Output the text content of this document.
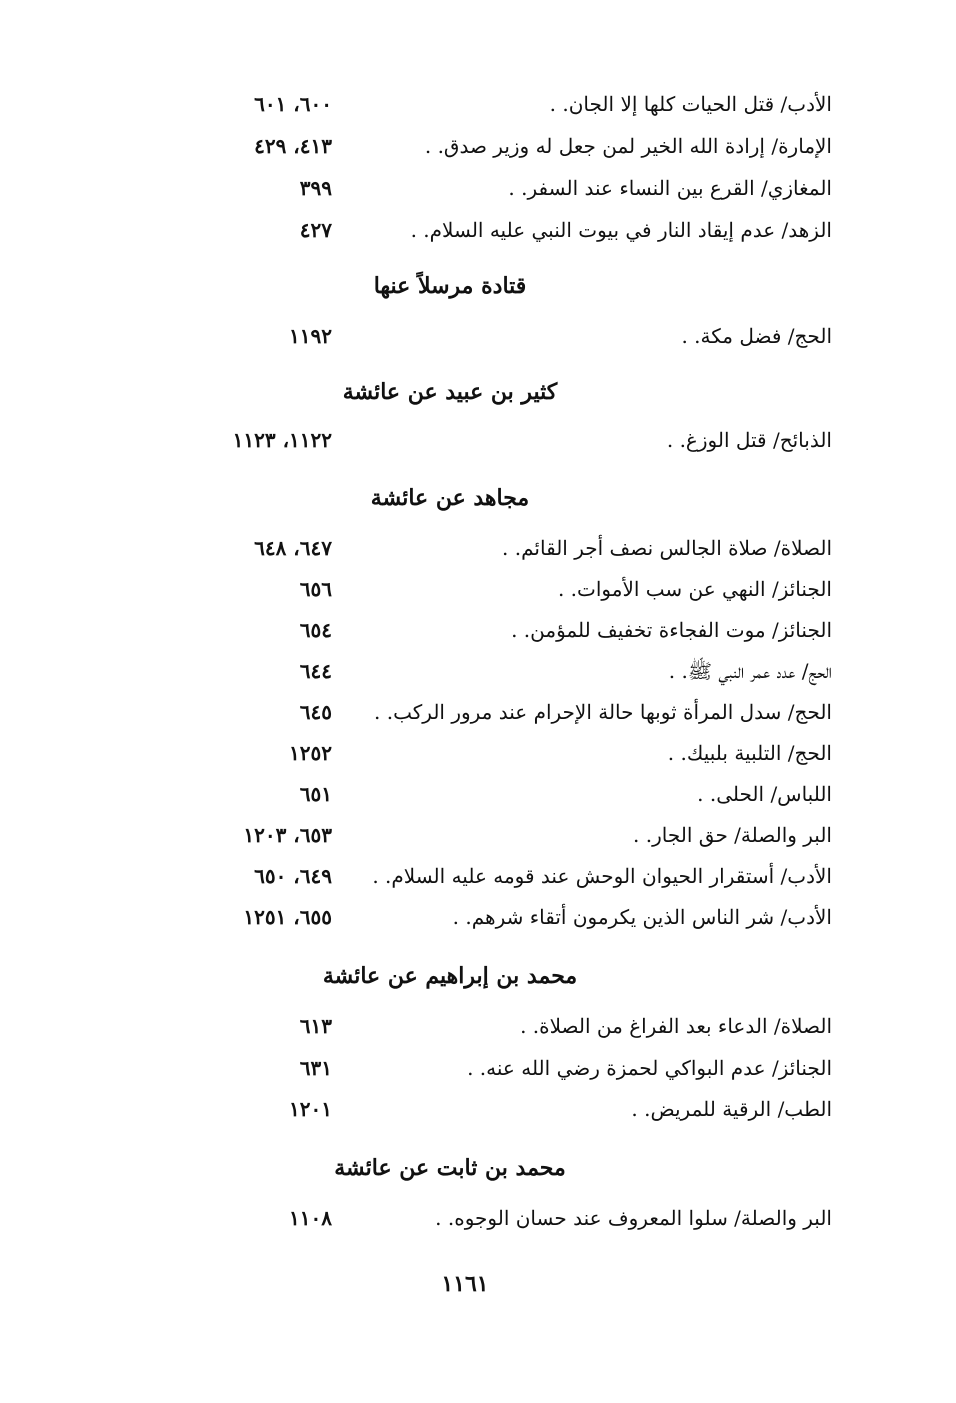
الأدب/ قتل الحيات كلها إلا الجان. .
٦٠٠، ٦٠١
الإمارة/ إرادة الله الخير لمن جعل له وزير صدق. .
٤١٣، ٤٢٩
المغازي/ القرع بين النساء عند السفر. .
٣٩٩
الزهد/ عدم إيقاد النار في بيوت النبي عليه السلام. .
٤٢٧
قتادة مرسلاً عنها
الحج/ فضل مكة. .
١١٩٢
كثير بن عبيد عن عائشة
الذبائح/ قتل الوزغ. .
١١٢٢، ١١٢٣
مجاهد عن عائشة
الصلاة/ صلاة الجالس نصف أجر القائم. .
٦٤٧، ٦٤٨
الجنائز/ النهي عن سب الأموات. .
٦٥٦
الجنائز/ موت الفجاءة تخفيف للمؤمن. .
٦٥٤
الحج/ عدد عمر النبي ﷺ. .
٦٤٤
الحج/ سدل المرأة ثوبها حالة الإحرام عند مرور الركب. .
٦٤٥
الحج/ التلبية بلبيك. .
١٢٥٢
اللباس/ الحلى. .
٦٥١
البر والصلة/ حق الجار. .
٦٥٣، ١٢٠٣
الأدب/ أستقرار الحيوان الوحش عند قومه عليه السلام. .
٦٤٩، ٦٥٠
الأدب/ شر الناس الذين يكرمون أتقاء شرهم. .
٦٥٥، ١٢٥١
محمد بن إبراهيم عن عائشة
الصلاة/ الدعاء بعد الفراغ من الصلاة. .
٦١٣
الجنائز/ عدم البواكي لحمزة رضي الله عنه. .
٦٣١
الطب/ الرقية للمريض. .
١٢٠١
محمد بن ثابت عن عائشة
البر والصلة/ سلوا المعروف عند حسان الوجوه. .
١١٠٨
١١٦١
